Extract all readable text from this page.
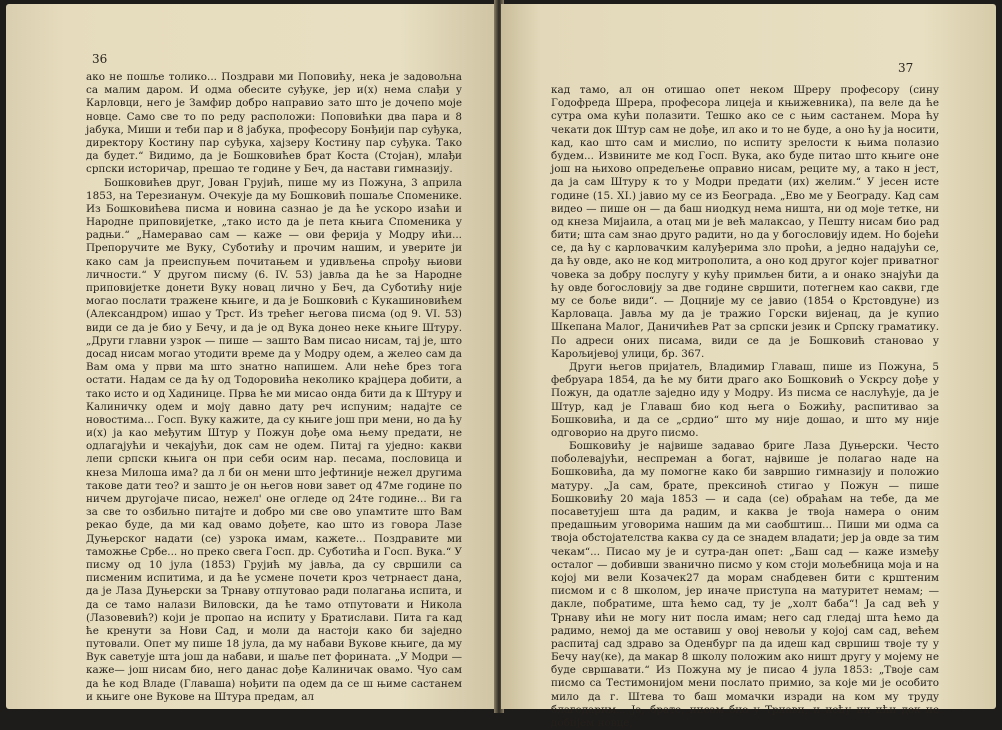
36

ако не пошље толико... Поздрави ми Поповићу, нека је задовољна са малим даром. И одма обесите суђуке, јер и(х) нема слађи у Карловци, него је Замфир добро направио зато што је дочепо моје новце. Само све то по реду расположи: Поповићки два пара и 8 јабука, Миши и теби пар и 8 јабука, професору Бонђији пар суђука, директору Костину пар суђука, хајзеру Костину пар суђука. Тако да будет.“ Видимо, да је Бошковићев брат Коста (Стојан), млађи српски историчар, прешао те године у Беч, да настави гимназију.

Бошковићев друг, Јован Грујић, пише му из Пожуна, 3 априла 1853, на Терезианум. Очекује да му Бошковић пошаље Споменике. Из Бошковићева писма и новина сазнао је да ће ускоро изаћи и Народне приповијетке, „тако исто да је пета књига Споменика у радњи.“ „Намеравао сам — каже — ови ферија у Модру ићи... Препоручите ме Вуку, Суботићу и прочим нашим, и уверите ји како сам ја преиспуњем почитањем и удивљења спрођу њиови личности.“ У другом писму (6. IV. 53) јавља да ће за Народне приповијетке донети Вуку новац лично у Беч, да Суботићу није могао послати тражене књиге, и да је Бошковић с Кукашиновићем (Александром) ишао у Трст. Из трећег његова писма (од 9. VI. 53) види се да је био у Бечу, и да је од Вука донео неке књиге Штуру. „Други главни узрок — пише — зашто Вам писао нисам, тај је, што досад нисам могао утодити време да у Модру одем, а желео сам да Вам ома у први ма што знатно напишем. Али неће брез тога остати. Надам се да ћу од Тодоровића неколико крајцера добити, а тако исто и од Хадинице. Прва ће ми мисао онда бити да к Штуру и Калиничку одем и мојү давно дату реч испуним; надајте се новостима... Госп. Вуку кажите, да су књиге још при мени, но да ћу и(х) ја као међутим Штур у Пожун дође ома њему предати, не одлагајући и чекајући, док сам не одем. Питај га уједно: какви лепи српски књига он при себи осим нар. песама, пословица и кнеза Милоша има? да л би он мени што јефтиније нежел другима такове дати тео? и зашто је он његов нови завет од 47ме године по ничем другојаче писао, нежел' оне огледе од 24те године... Ви га за све то озбиљно питајте и добро ми све ово упамтите што Вам рекао буде, да ми кад овамо дођете, као што из говора Лазе Дуњерског надати (се) узрока имам, кажете... Поздравите ми таможње Србе... но преко свега Госп. др. Суботића и Госп. Вука.“ У писму од 10 јула (1853) Грујић му јавља, да су свршили са писменим испитима, и да ће усмене почети кроз четрнаест дана, да је Лаза Дуњерски за Трнаву отпутовао ради полагања испита, и да се тамо налази Виловски, да ће тамо отпутовати и Никола (Лазовевић?) који је пропао на испиту у Братислави. Пита га кад ће кренути за Нови Сад, и моли да настоји како би заједно путовали. Опет му пише 18 јула, да му набави Вукове књиге, да му Вук саветује шта још да набави, и шаље пет форината. „У Модри — каже— још нисам био, него данас дође Калиничак овамо. Чуо сам да ће код Владе (Главаша) нођити па одем да се ш њиме састанем и књиге оне Вукове на Штура предам, ал

37

кад тамо, ал он отишао опет неком Шреру професору (сину Годофреда Шрера, професора лицеја и књижевника), па веле да ће сутра ома кући полазити. Тешко ако се с њим састанем. Мора ћу чекати док Штур сам не дође, ил ако и то не буде, а оно ћу ја носити, кад, као што сам и мислио, по испиту зрелости к њима полазио будем... Извините ме код Госп. Вука, ако буде питао што књиге оне још на њихово опредељење оправио нисам, реците му, а тако н јест, да ја сам Штуру к то у Модри предати (их) желим.“ У јесен исте године (15. XI.) јавио му се из Београда. „Ево ме у Београду. Кад сам видео — пише он — да баш ниодкуд нема ништа, ни од моје тетке, ни од кнеза Мијаила, а отац ми је већ малаксао, у Пешту нисам био рад бити; шта сам знао друго радити, но да у богословију идем. Но бојећи се, да ћу с карловачким калуђерима зло проћи, а једно надајући се, да ћу овде, ако не код митрополита, а оно код другог којег приватног човека за добру послугу у кућу примљен бити, а и онако знајући да ћу овде богословију за две године свршити, потегнем као сакви, где му се боље види“. — Доцније му се јавио (1854 о Крстовдуне) из Карловаца. Јавља му да је тражио Горски вијенац, да је купио Шкепана Малог, Даничићев Рат за српски језик и Српску граматику. По адреси оних писама, види се да је Бошковић становао у Карољијевој улици, бр. 367.

Други његов пријатељ, Владимир Главаш, пише из Пожуна, 5 фебруара 1854, да ће му бити драго ако Бошковић о Ускрсу дође у Пожун, да одатле заједно иду у Модру. Из писма се наслућује, да је Штур, кад је Главаш био код њега о Божићу, распитивао за Бошковића, и да се „срдио“ што му није дошао, и што му није одговорио на друго писмо.

Бошковићу је највише задавао бриге Лаза Дуњерски. Често поболевајући, неспреман а богат, највише је полагао наде на Бошковића, да му помогне како би завршио гимназију и положио матуру. „Ја сам, брате, прексиноћ стигао у Пожун — пише Бошковићу 20 маја 1853 — и сада (се) обраћам на тебе, да ме посаветујеш шта да радим, и каква је твоја намера о оним предашњим уговорима нашим да ми саобштиш... Пиши ми одма са твоја обстојателства каква су да се знадем владати; јер ја овде за тим чекам“... Писао му је и сутра-дан опет: „Баш сад — каже између осталог — добивши званично писмо у ком стоји мољебница моја и на којој ми вели Козачек27 да морам снабдевен бити с крштеним писмом и с 8 школом, јер иначе приступа на матуритет немам; — дакле, побратиме, шта ћемо сад, ту је „холт баба“! Ја сад већ у Трнаву ићи не могу нит посла имам; него сад гледај шта ћемо да радимо, немој да ме оставиш у овој невољи у којој сам сад, већем распитај сад здраво за Оденбург па да идеш кад свршиш твоје ту у Бечу нау(ке), да макар 8 школу положим ако ништ другу у мојему не буде свршавати.“ Из Пожуна му је писао 4 јула 1853: „Твоје сам писмо са Тестимонијом мени послато примио, за које ми је особито мило да г. Штева то баш момачки изради на ком му труду благодарим... Ја, брате, нисам био у Трнави, и нећу ни ићи док не добијем новце,
